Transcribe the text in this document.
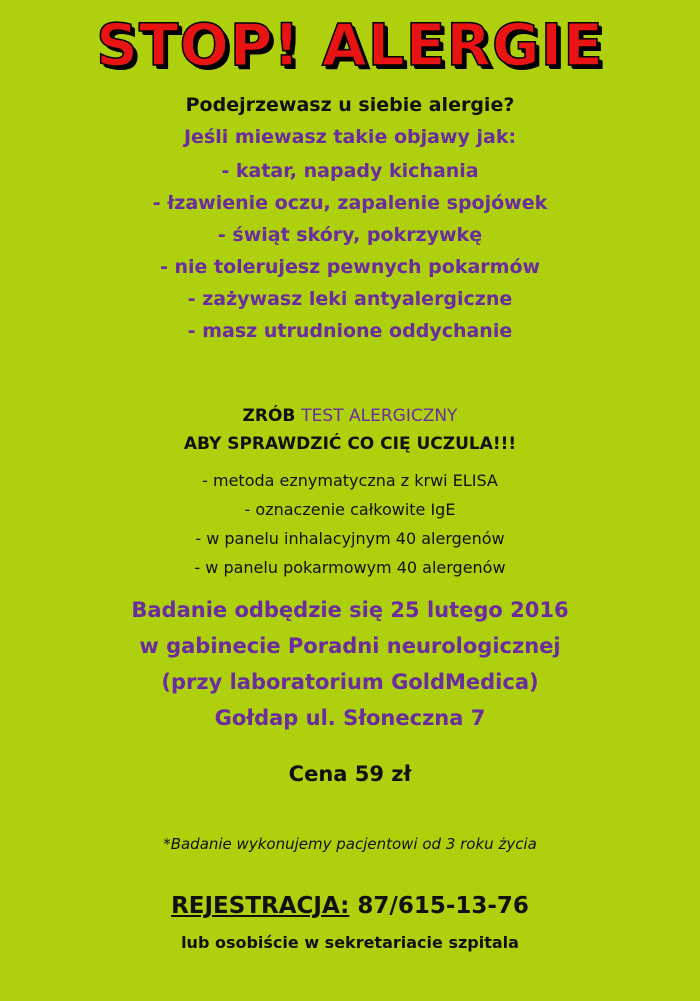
STOP! ALERGIE
Podejrzewasz u siebie alergie?
Jeśli miewasz takie objawy jak:
- katar, napady kichania
- łzawienie oczu, zapalenie spojówek
- świąt skóry, pokrzywkę
- nie tolerujesz pewnych pokarmów
- zażywasz leki antyalergiczne
- masz utrudnione oddychanie
ZRÓB TEST ALERGICZNY
ABY SPRAWDZIĆ CO CIĘ UCZULA!!!
- metoda eznymatyczna z krwi ELISA
- oznaczenie całkowite IgE
- w panelu inhalacyjnym 40 alergenów
- w panelu pokarmowym 40 alergenów
Badanie odbędzie się 25 lutego 2016
w gabinecie Poradni neurologicznej
(przy laboratorium GoldMedica)
Gołdap ul. Słoneczna 7
Cena 59 zł
*Badanie wykonujemy pacjentowi od 3 roku życia
REJESTRACJA: 87/615-13-76
lub osobiście w sekretariacie szpitala
